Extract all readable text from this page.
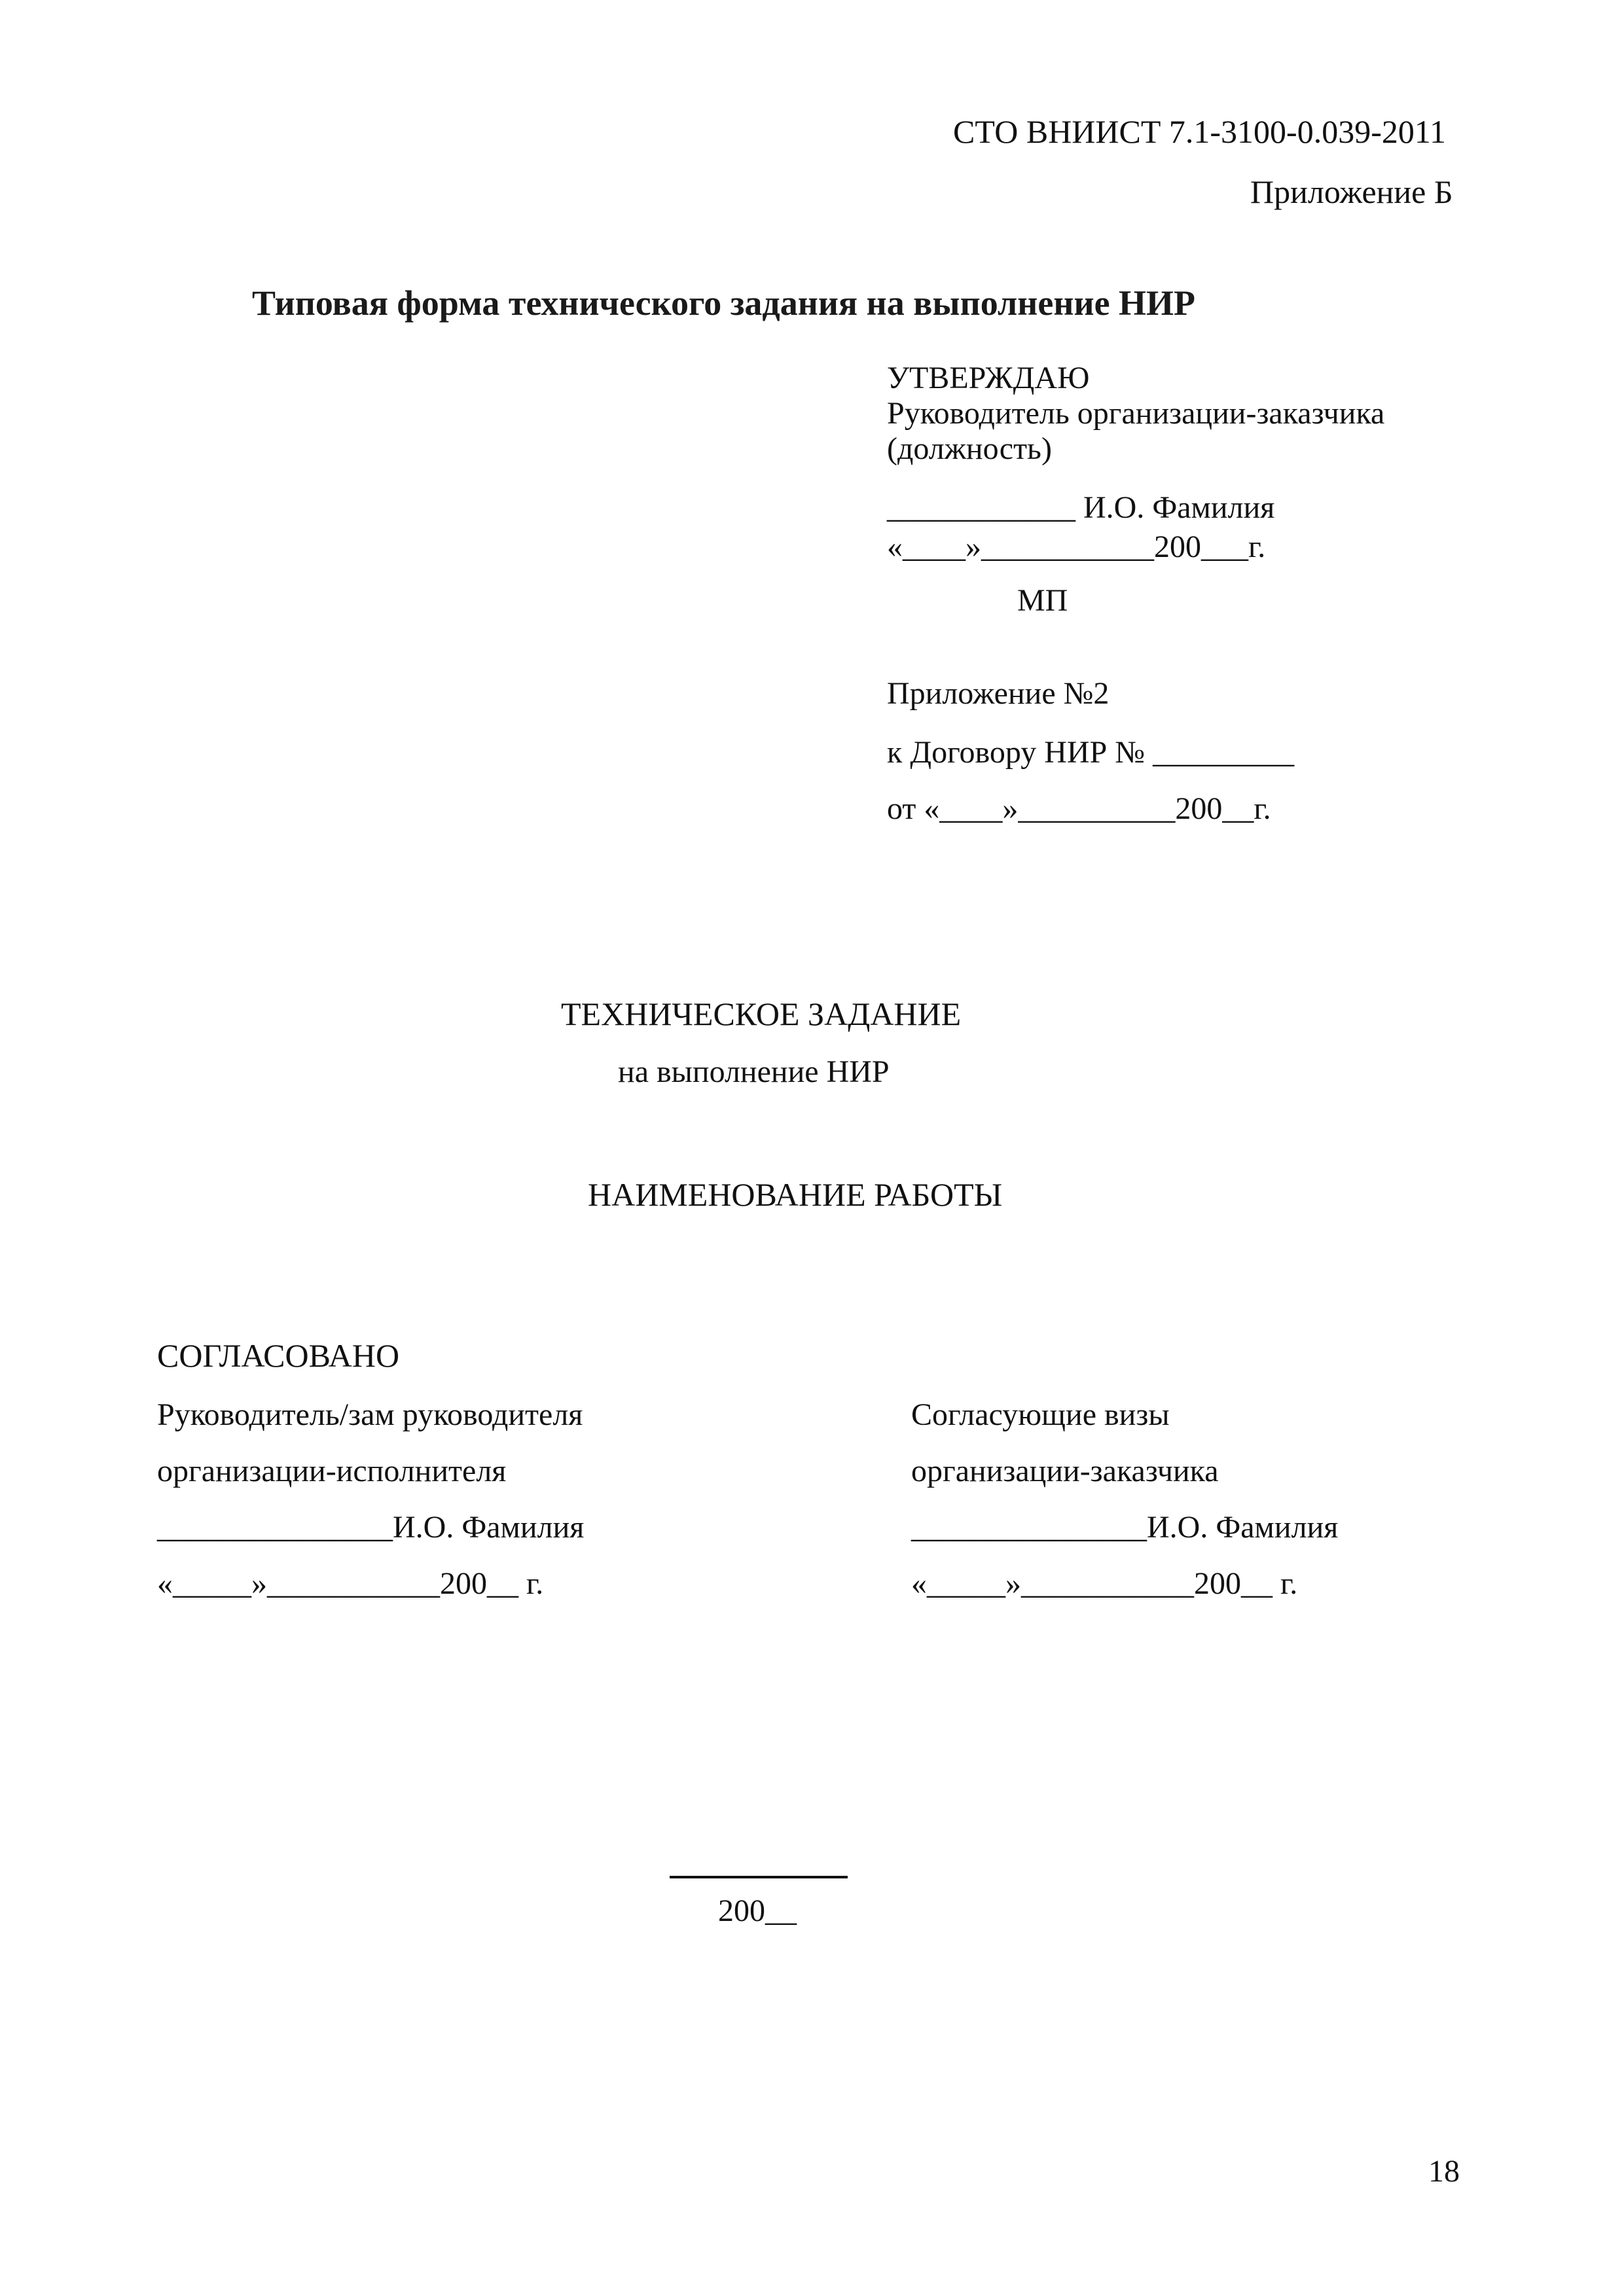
СТО ВНИИСТ 7.1-3100-0.039-2011
Приложение Б
Типовая форма технического задания на выполнение НИР
УТВЕРЖДАЮ
Руководитель организации-заказчика
(должность)
____________ И.О. Фамилия
«____»___________200___г.
МП
Приложение №2
к Договору НИР № _________
от «____»__________200__г.
ТЕХНИЧЕСКОЕ ЗАДАНИЕ
на выполнение НИР
НАИМЕНОВАНИЕ РАБОТЫ
СОГЛАСОВАНО
Руководитель/зам руководителя
организации-исполнителя
_______________И.О. Фамилия
«_____»___________200__ г.
Согласующие визы
организации-заказчика
_______________И.О. Фамилия
«_____»___________200__ г.
200__
18
